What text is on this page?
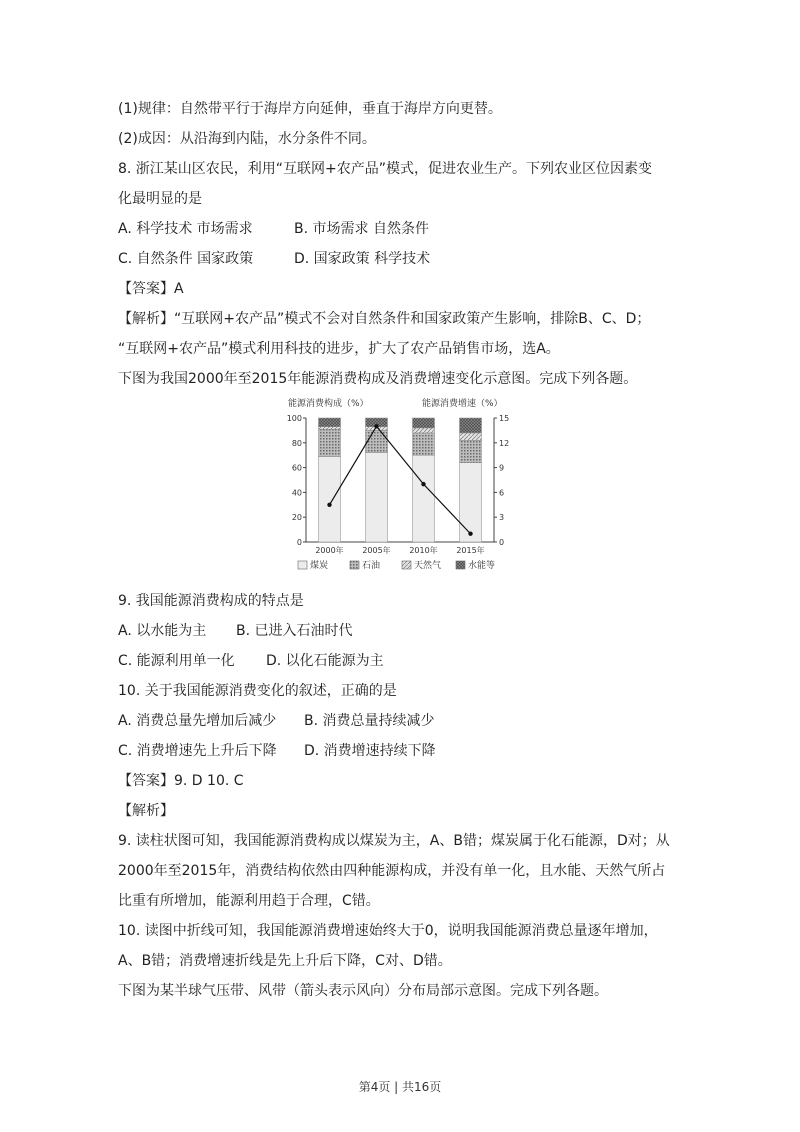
(1)规律：自然带平行于海岸方向延伸，垂直于海岸方向更替。
(2)成因：从沿海到内陆，水分条件不同。
8. 浙江某山区农民，利用“互联网+农产品”模式，促进农业生产。下列农业区位因素变
化最明显的是
A. 科学技术 市场需求	B. 市场需求 自然条件
C. 自然条件 国家政策	D. 国家政策 科学技术
【答案】A
【解析】“互联网+农产品”模式不会对自然条件和国家政策产生影响，排除B、C、D；
“互联网+农产品”模式利用科技的进步，扩大了农产品销售市场，选A。
下图为我国2000年至2015年能源消费构成及消费增速变化示意图。完成下列各题。
能源消费构成（%）	能源消费增速（%）
2000年 2005年 2010年 2015年
0
20
40
60
80
100
0
3
6
9
12
15
煤炭	石油	天然气	水能等
9. 我国能源消费构成的特点是
A. 以水能为主 B. 已进入石油时代
C. 能源利用单一化 D. 以化石能源为主
10. 关于我国能源消费变化的叙述，正确的是
A. 消费总量先增加后减少 B. 消费总量持续减少
C. 消费增速先上升后下降 D. 消费增速持续下降
【答案】9. D 10. C
【解析】
9. 读柱状图可知，我国能源消费构成以煤炭为主，A、B错；煤炭属于化石能源，D对；从
2000年至2015年，消费结构依然由四种能源构成，并没有单一化，且水能、天然气所占
比重有所增加，能源利用趋于合理，C错。
10. 读图中折线可知，我国能源消费增速始终大于0，说明我国能源消费总量逐年增加，
A、B错；消费增速折线是先上升后下降，C对、D错。
下图为某半球气压带、风带（箭头表示风向）分布局部示意图。完成下列各题。
第4页 | 共16页
